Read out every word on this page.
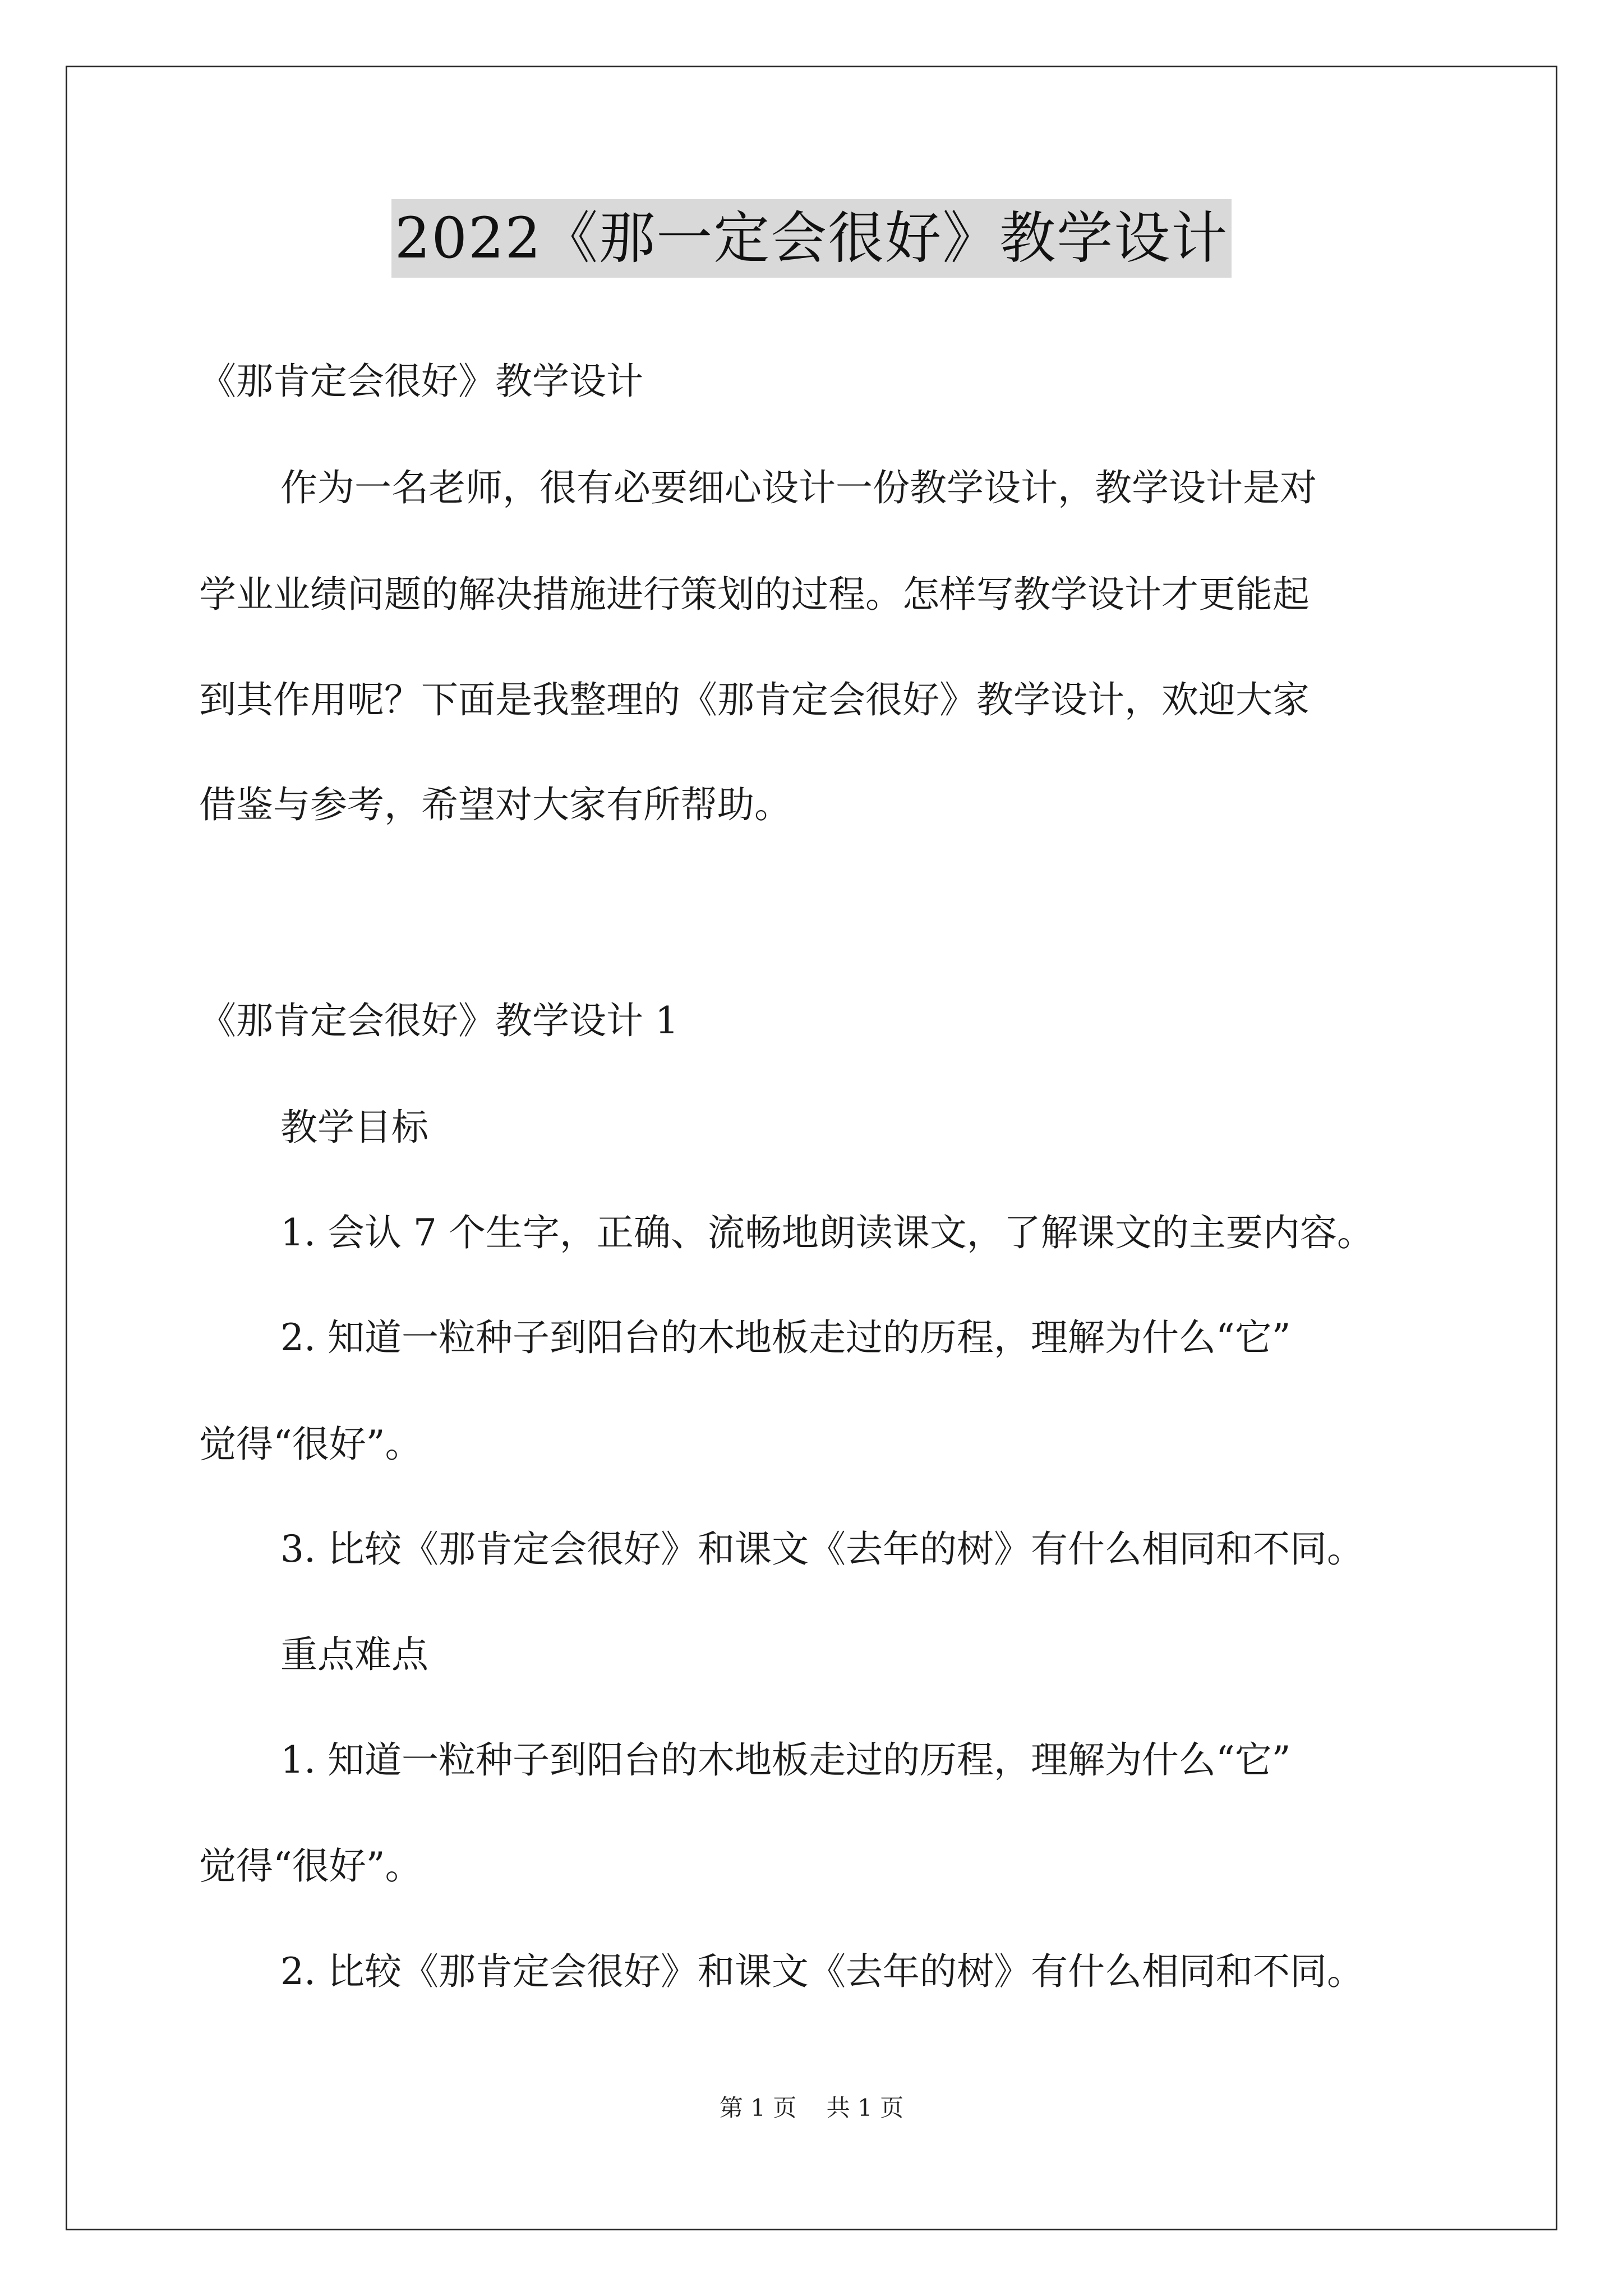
2022《那一定会很好》教学设计
《那肯定会很好》教学设计
作为一名老师，很有必要细心设计一份教学设计，教学设计是对
学业业绩问题的解决措施进行策划的过程。怎样写教学设计才更能起
到其作用呢？下面是我整理的《那肯定会很好》教学设计，欢迎大家
借鉴与参考，希望对大家有所帮助。
《那肯定会很好》教学设计 1
教学目标
1. 会认 7 个生字，正确、流畅地朗读课文，了解课文的主要内容。
2. 知道一粒种子到阳台的木地板走过的历程，理解为什么“它”
觉得“很好”。
3. 比较《那肯定会很好》和课文《去年的树》有什么相同和不同。
重点难点
1. 知道一粒种子到阳台的木地板走过的历程，理解为什么“它”
觉得“很好”。
2. 比较《那肯定会很好》和课文《去年的树》有什么相同和不同。
第 1 页 共 1 页
